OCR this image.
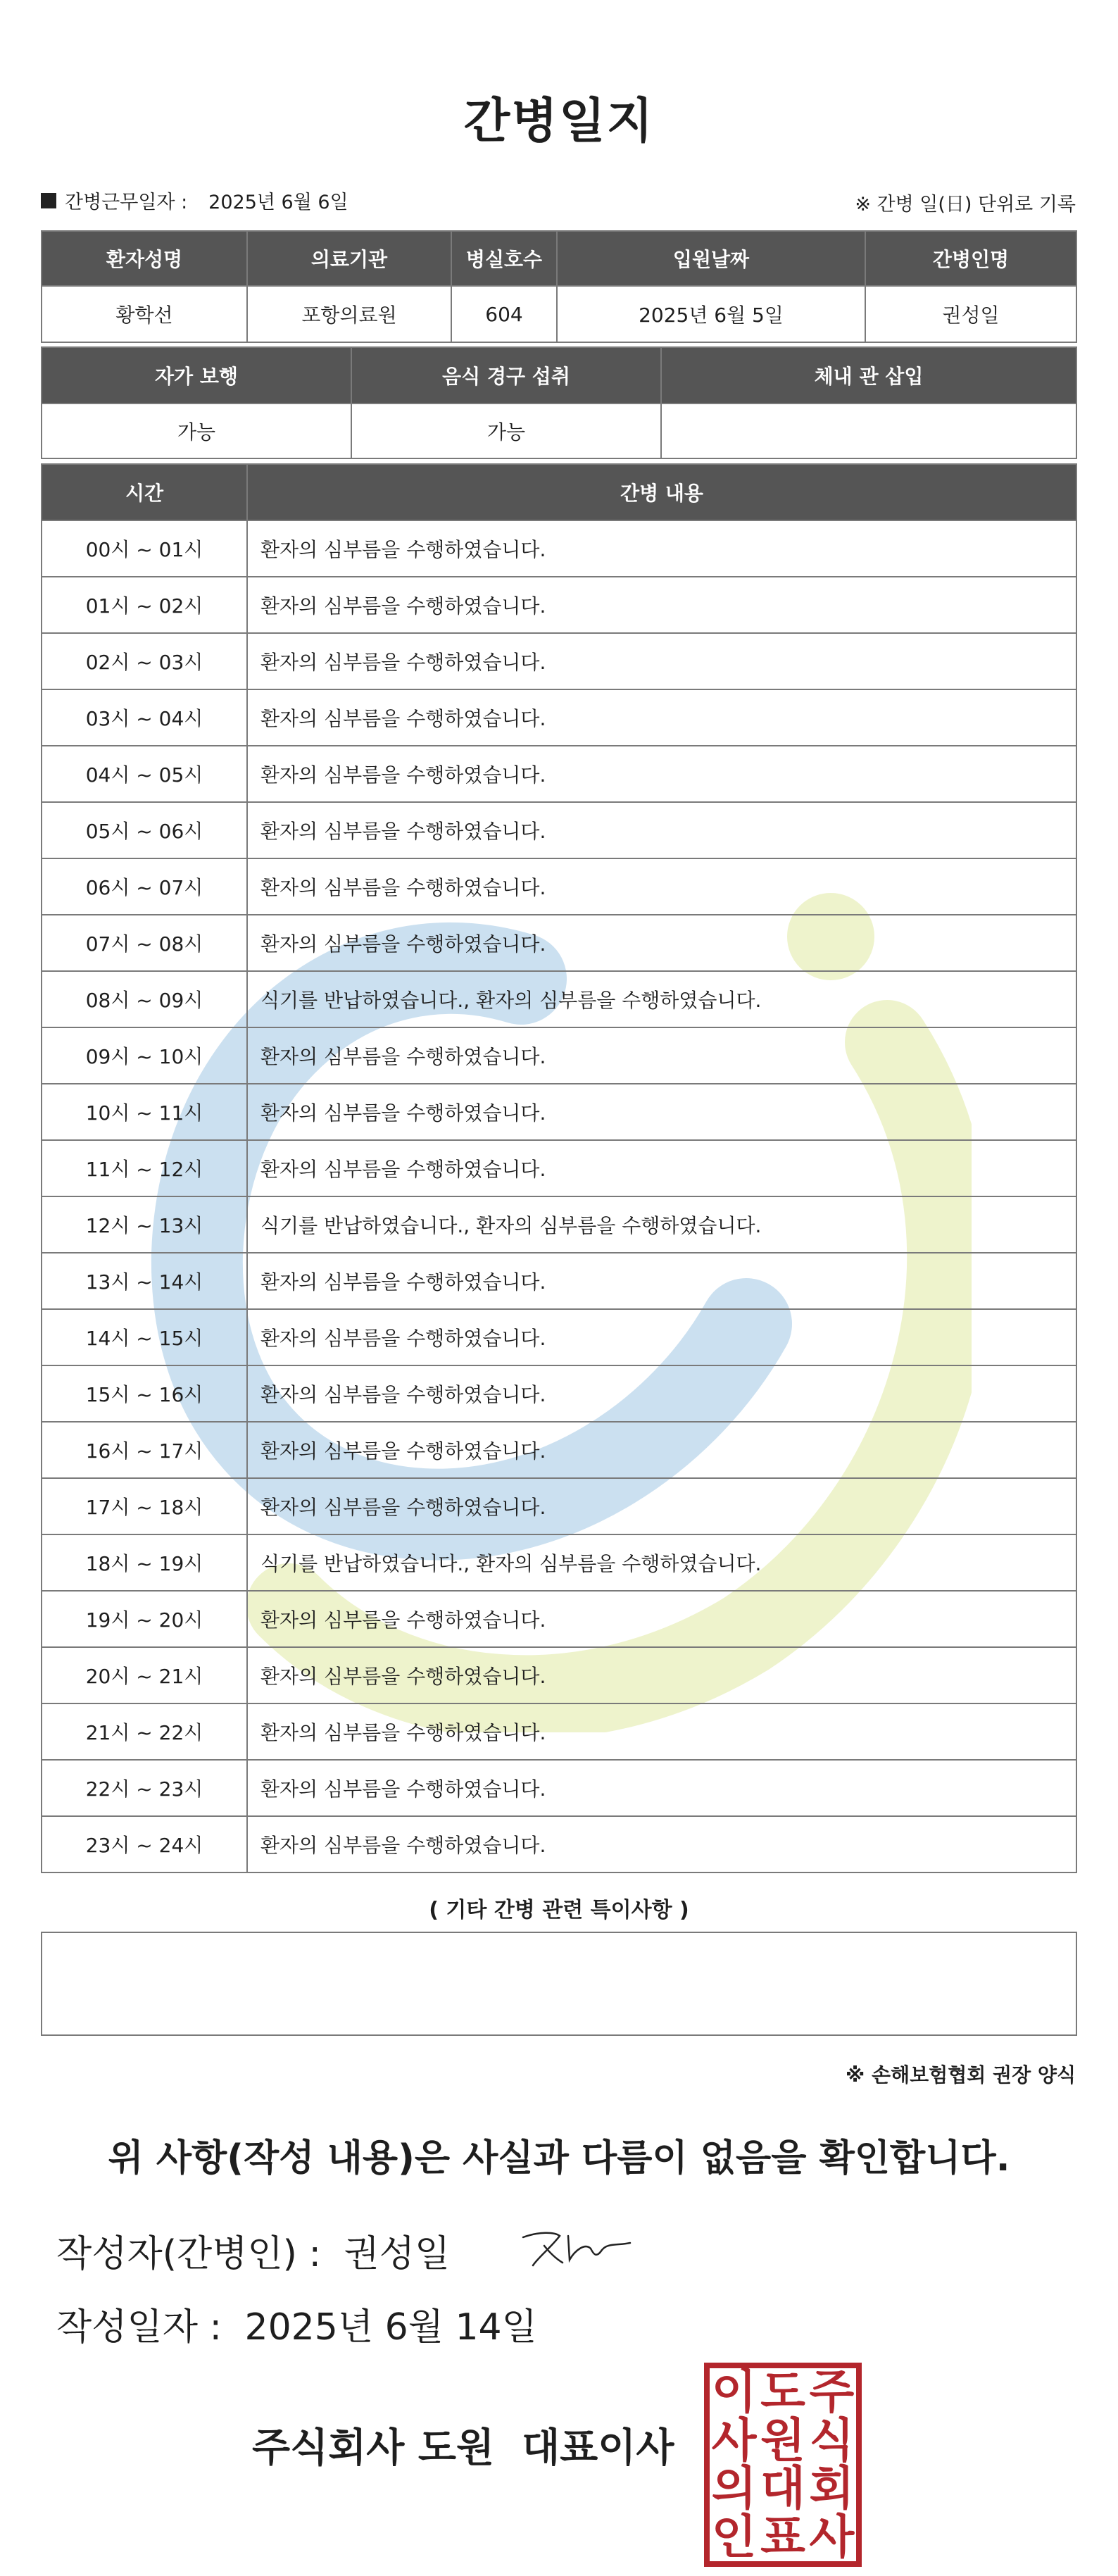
간병일지
간병근무일자 : 2025년 6월 6일	※ 간병 일(日) 단위로 기록
환자성명	의료기관	병실호수	입원날짜	간병인명
황학선	포항의료원	604	2025년 6월 5일	권성일
자가 보행	음식 경구 섭취	체내 관 삽입
가능	가능	
시간	간병 내용
00시 ~ 01시	환자의 심부름을 수행하였습니다.
01시 ~ 02시	환자의 심부름을 수행하였습니다.
02시 ~ 03시	환자의 심부름을 수행하였습니다.
03시 ~ 04시	환자의 심부름을 수행하였습니다.
04시 ~ 05시	환자의 심부름을 수행하였습니다.
05시 ~ 06시	환자의 심부름을 수행하였습니다.
06시 ~ 07시	환자의 심부름을 수행하였습니다.
07시 ~ 08시	환자의 심부름을 수행하였습니다.
08시 ~ 09시	식기를 반납하였습니다., 환자의 심부름을 수행하였습니다.
09시 ~ 10시	환자의 심부름을 수행하였습니다.
10시 ~ 11시	환자의 심부름을 수행하였습니다.
11시 ~ 12시	환자의 심부름을 수행하였습니다.
12시 ~ 13시	식기를 반납하였습니다., 환자의 심부름을 수행하였습니다.
13시 ~ 14시	환자의 심부름을 수행하였습니다.
14시 ~ 15시	환자의 심부름을 수행하였습니다.
15시 ~ 16시	환자의 심부름을 수행하였습니다.
16시 ~ 17시	환자의 심부름을 수행하였습니다.
17시 ~ 18시	환자의 심부름을 수행하였습니다.
18시 ~ 19시	식기를 반납하였습니다., 환자의 심부름을 수행하였습니다.
19시 ~ 20시	환자의 심부름을 수행하였습니다.
20시 ~ 21시	환자의 심부름을 수행하였습니다.
21시 ~ 22시	환자의 심부름을 수행하였습니다.
22시 ~ 23시	환자의 심부름을 수행하였습니다.
23시 ~ 24시	환자의 심부름을 수행하였습니다.
( 기타 간병 관련 특이사항 )
※ 손해보험협회 권장 양식
위 사항(작성 내용)은 사실과 다름이 없음을 확인합니다.
작성자(간병인) : 권성일
작성일자 : 2025년 6월 14일
주식회사 도원  대표이사
이 도 주
사 원 식
의 대 회
인 표 사
